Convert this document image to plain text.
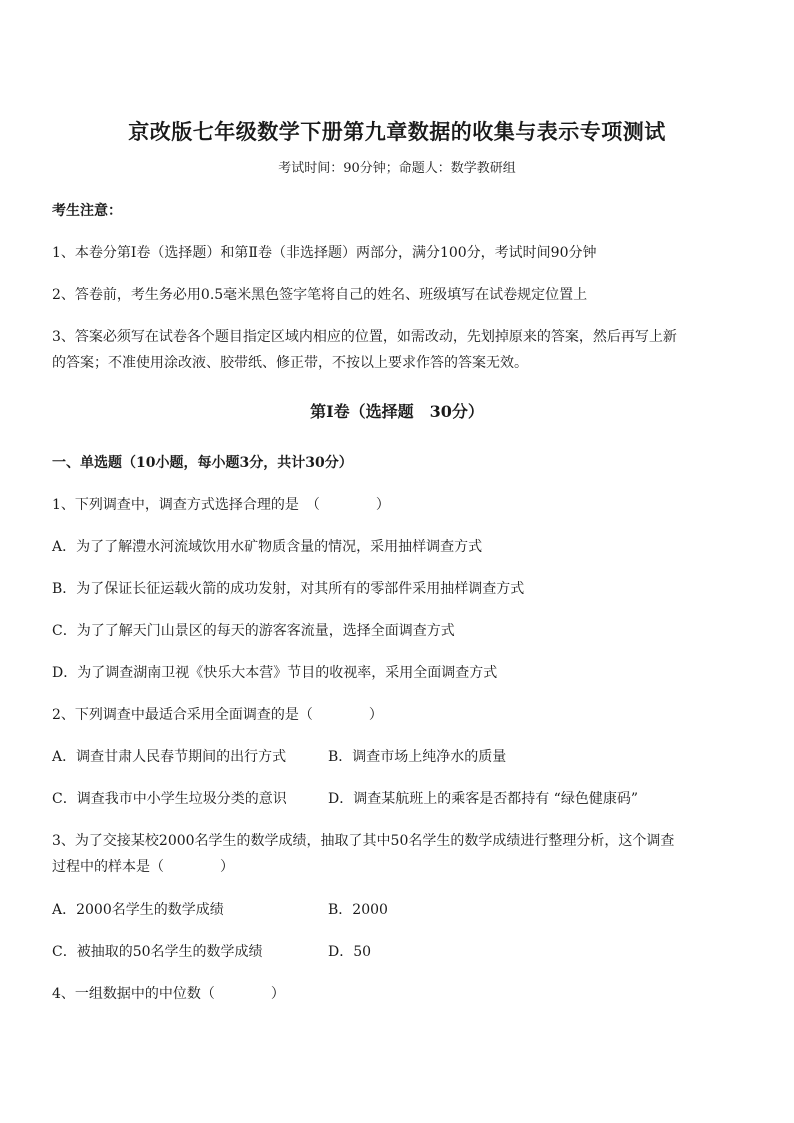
京改版七年级数学下册第九章数据的收集与表示专项测试
考试时间：90分钟；命题人：数学教研组
考生注意：
1、本卷分第Ⅰ卷（选择题）和第Ⅱ卷（非选择题）两部分，满分100分，考试时间90分钟
2、答卷前，考生务必用0.5毫米黑色签字笔将自己的姓名、班级填写在试卷规定位置上
3、答案必须写在试卷各个题目指定区域内相应的位置，如需改动，先划掉原来的答案，然后再写上新
的答案；不准使用涂改液、胶带纸、修正带，不按以上要求作答的答案无效。
第Ⅰ卷（选择题　30分）
一、单选题（10小题，每小题3分，共计30分）
1、下列调查中，调查方式选择合理的是　（　　　　）
A．为了了解澧水河流域饮用水矿物质含量的情况，采用抽样调查方式
B．为了保证长征运载火箭的成功发射，对其所有的零部件采用抽样调查方式
C．为了了解天门山景区的每天的游客客流量，选择全面调查方式
D．为了调查湖南卫视《快乐大本营》节目的收视率，采用全面调查方式
2、下列调查中最适合采用全面调查的是（　　　　）
A．调查甘肃人民春节期间的出行方式	B．调查市场上纯净水的质量
C．调查我市中小学生垃圾分类的意识	D．调查某航班上的乘客是否都持有 “绿色健康码”
3、为了交接某校2000名学生的数学成绩，抽取了其中50名学生的数学成绩进行整理分析，这个调查
过程中的样本是（　　　　）
A．2000名学生的数学成绩	B．2000
C．被抽取的50名学生的数学成绩	D．50
4、一组数据中的中位数（　　　　）
